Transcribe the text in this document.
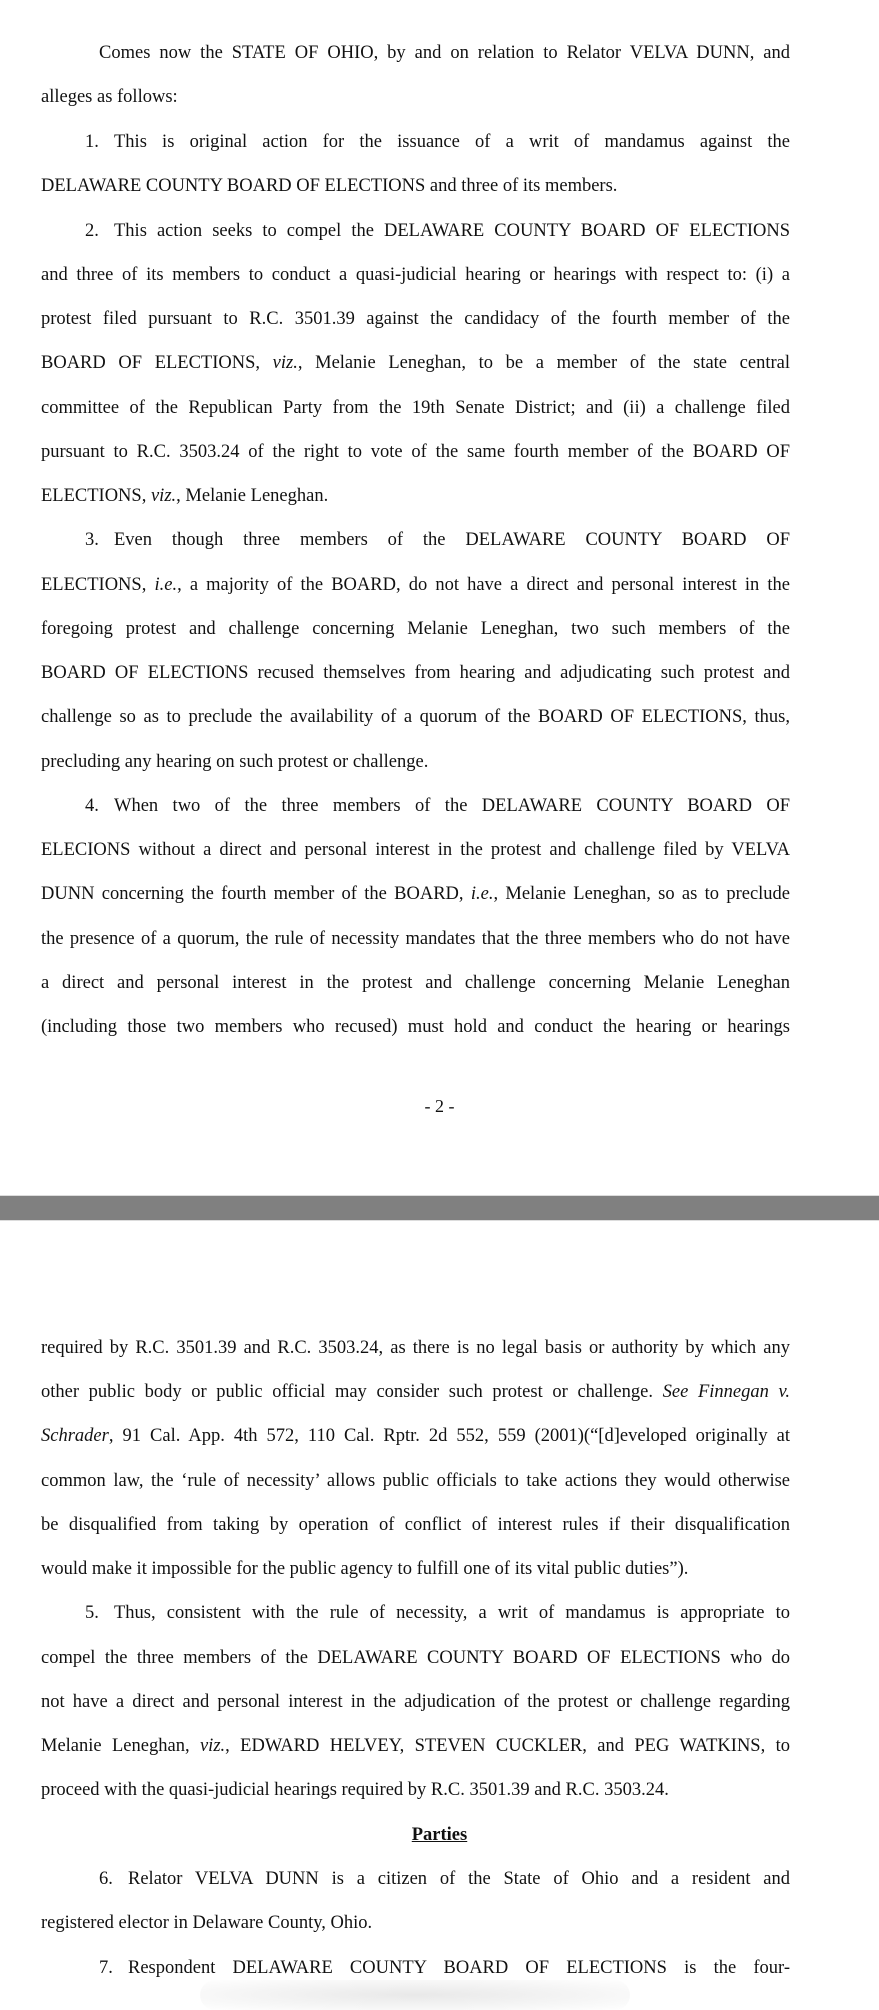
Comes now the STATE OF OHIO, by and on relation to Relator VELVA DUNN, and
alleges as follows:
1. This is original action for the issuance of a writ of mandamus against the
DELAWARE COUNTY BOARD OF ELECTIONS and three of its members.
2. This action seeks to compel the DELAWARE COUNTY BOARD OF ELECTIONS
and three of its members to conduct a quasi-judicial hearing or hearings with respect to: (i) a
protest filed pursuant to R.C. 3501.39 against the candidacy of the fourth member of the
BOARD OF ELECTIONS, viz., Melanie Leneghan, to be a member of the state central
committee of the Republican Party from the 19th Senate District; and (ii) a challenge filed
pursuant to R.C. 3503.24 of the right to vote of the same fourth member of the BOARD OF
ELECTIONS, viz., Melanie Leneghan.
3. Even though three members of the DELAWARE COUNTY BOARD OF
ELECTIONS, i.e., a majority of the BOARD, do not have a direct and personal interest in the
foregoing protest and challenge concerning Melanie Leneghan, two such members of the
BOARD OF ELECTIONS recused themselves from hearing and adjudicating such protest and
challenge so as to preclude the availability of a quorum of the BOARD OF ELECTIONS, thus,
precluding any hearing on such protest or challenge.
4. When two of the three members of the DELAWARE COUNTY BOARD OF
ELECIONS without a direct and personal interest in the protest and challenge filed by VELVA
DUNN concerning the fourth member of the BOARD, i.e., Melanie Leneghan, so as to preclude
the presence of a quorum, the rule of necessity mandates that the three members who do not have
a direct and personal interest in the protest and challenge concerning Melanie Leneghan
(including those two members who recused) must hold and conduct the hearing or hearings
- 2 -
required by R.C. 3501.39 and R.C. 3503.24, as there is no legal basis or authority by which any
other public body or public official may consider such protest or challenge. See Finnegan v.
Schrader, 91 Cal. App. 4th 572, 110 Cal. Rptr. 2d 552, 559 (2001)(“[d]eveloped originally at
common law, the ‘rule of necessity’ allows public officials to take actions they would otherwise
be disqualified from taking by operation of conflict of interest rules if their disqualification
would make it impossible for the public agency to fulfill one of its vital public duties”).
5. Thus, consistent with the rule of necessity, a writ of mandamus is appropriate to
compel the three members of the DELAWARE COUNTY BOARD OF ELECTIONS who do
not have a direct and personal interest in the adjudication of the protest or challenge regarding
Melanie Leneghan, viz., EDWARD HELVEY, STEVEN CUCKLER, and PEG WATKINS, to
proceed with the quasi-judicial hearings required by R.C. 3501.39 and R.C. 3503.24.
Parties
6. Relator VELVA DUNN is a citizen of the State of Ohio and a resident and
registered elector in Delaware County, Ohio.
7. Respondent DELAWARE COUNTY BOARD OF ELECTIONS is the four-
